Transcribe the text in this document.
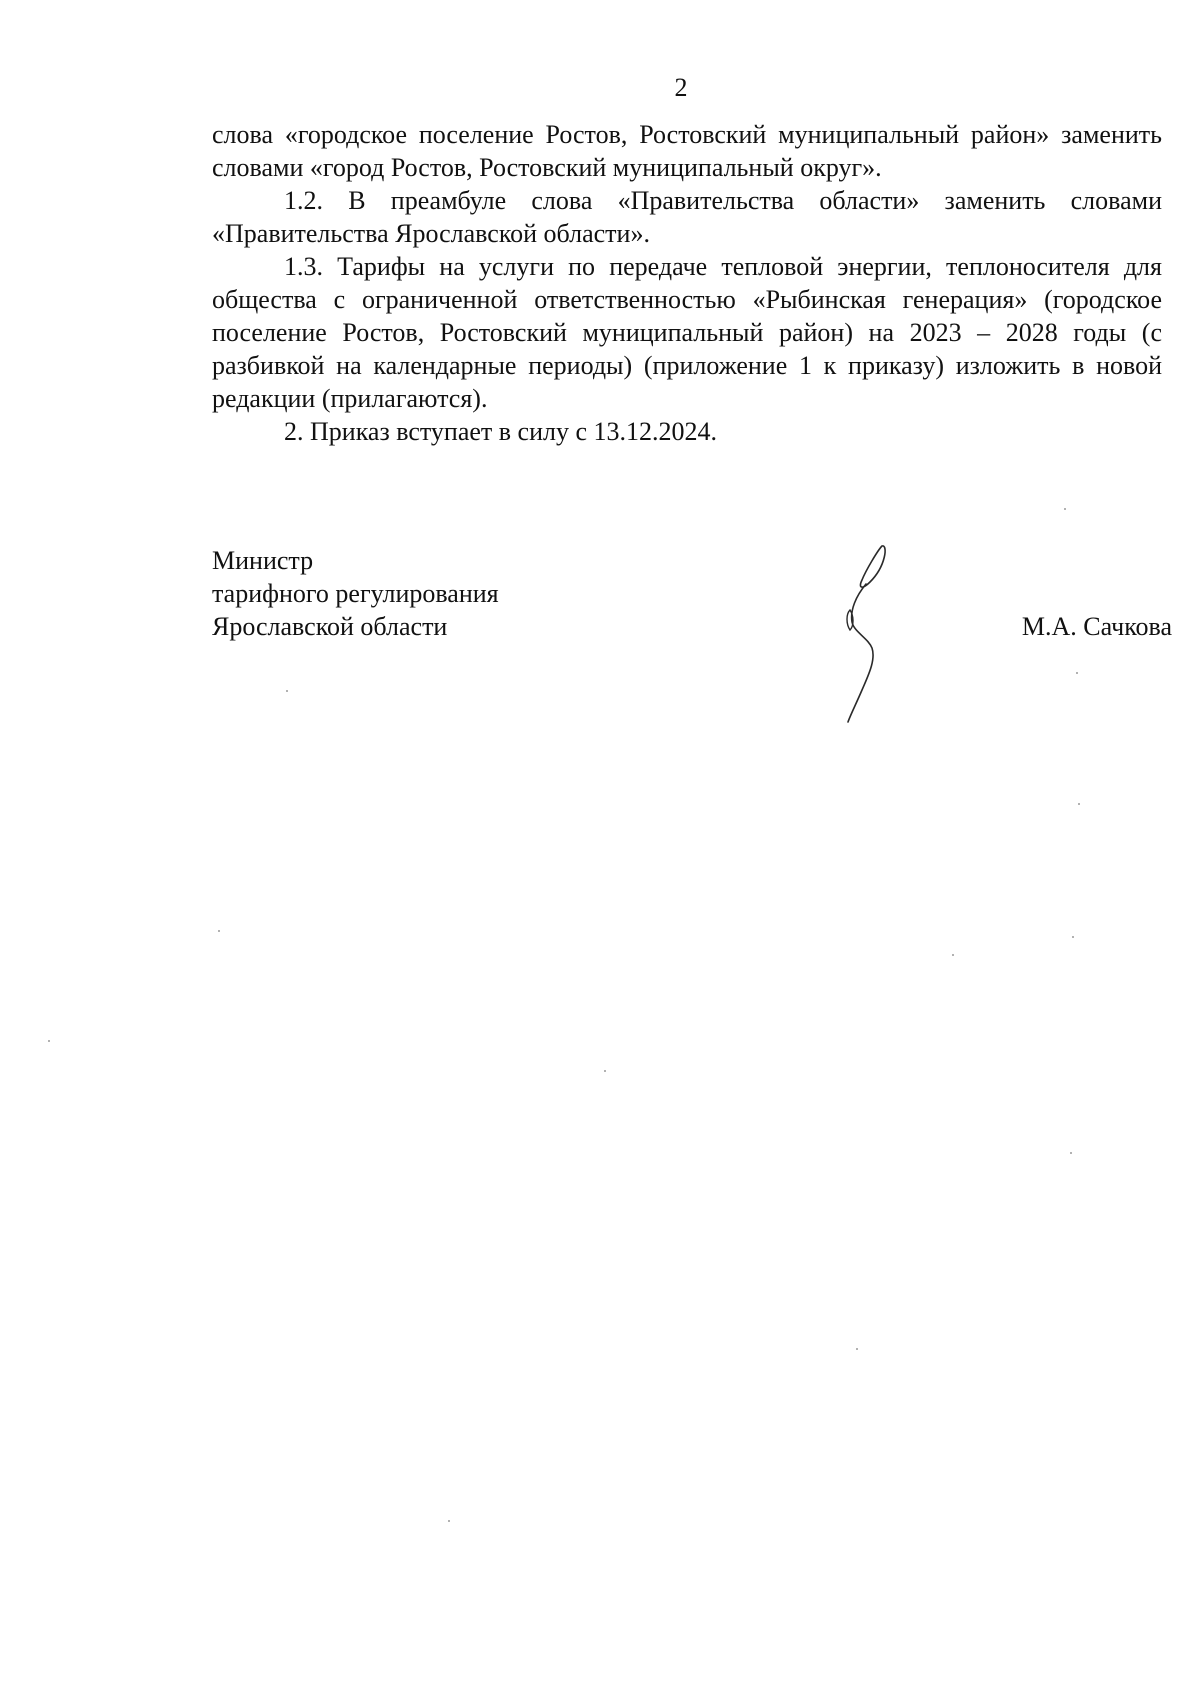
2

слова «городское поселение Ростов, Ростовский муниципальный район» заменить словами «город Ростов, Ростовский муниципальный округ».

1.2. В преамбуле слова «Правительства области» заменить словами «Правительства Ярославской области».

1.3. Тарифы на услуги по передаче тепловой энергии, теплоносителя для общества с ограниченной ответственностью «Рыбинская генерация» (городское поселение Ростов, Ростовский муниципальный район) на 2023 – 2028 годы (с разбивкой на календарные периоды) (приложение 1 к приказу) изложить в новой редакции (прилагаются).

2. Приказ вступает в силу с 13.12.2024.

Министр
тарифного регулирования
Ярославской области	М.А. Сачкова
